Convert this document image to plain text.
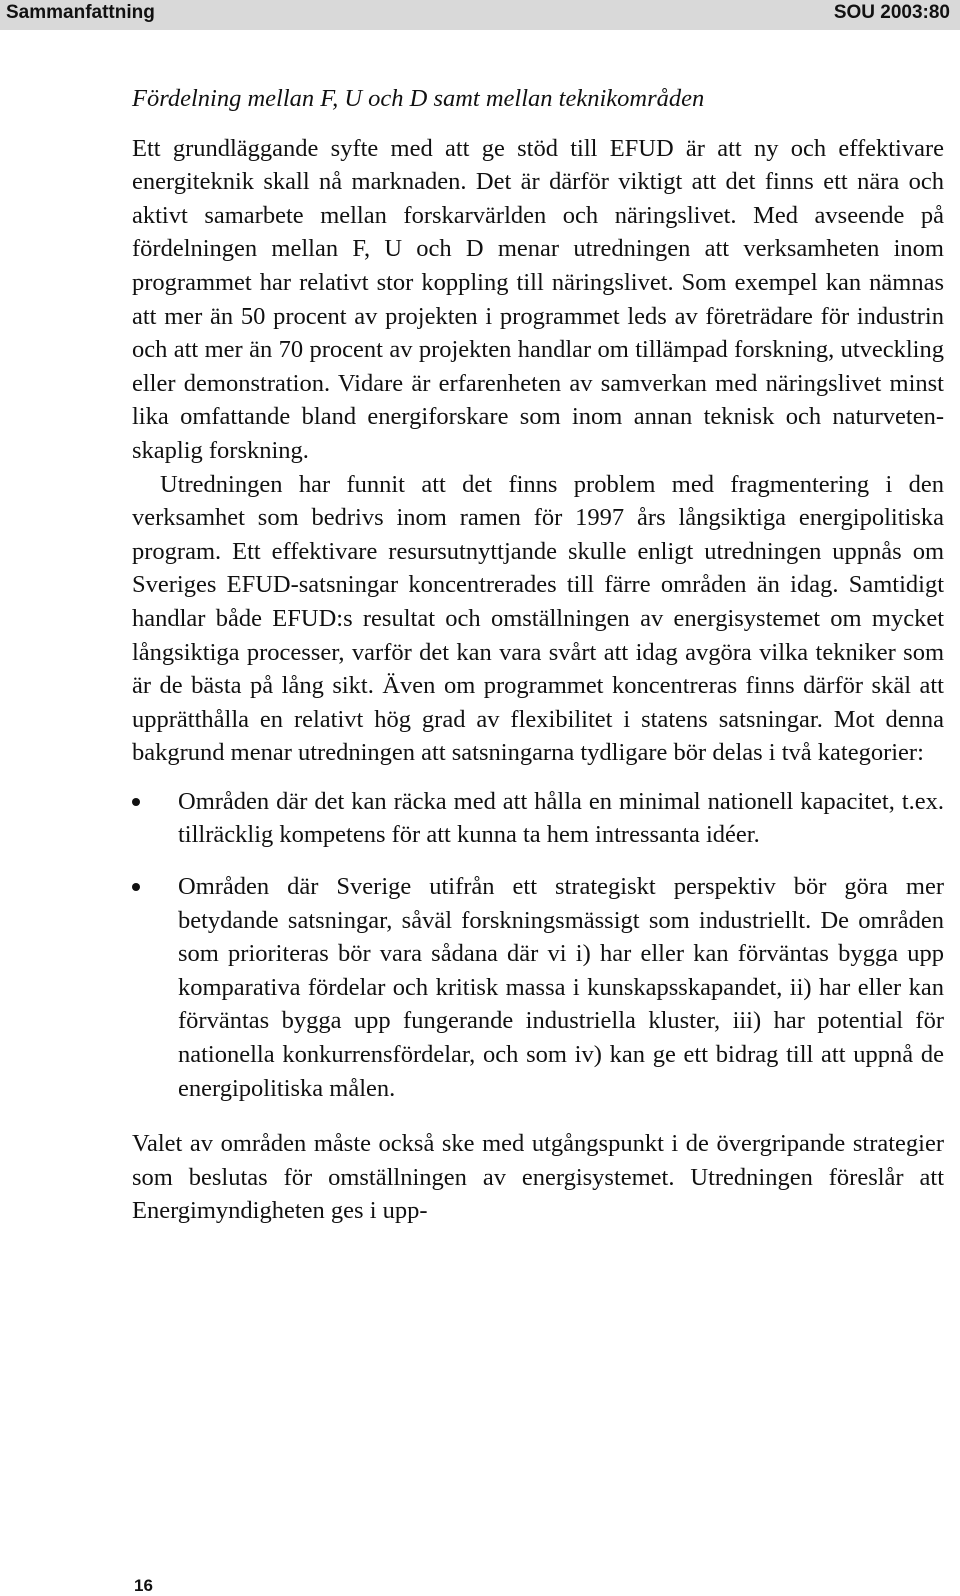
Sammanfattning	SOU 2003:80
Fördelning mellan F, U och D samt mellan teknikområden

Ett grundläggande syfte med att ge stöd till EFUD är att ny och effektivare energiteknik skall nå marknaden. Det är därför viktigt att det finns ett nära och aktivt samarbete mellan forskarvärlden och näringslivet. Med avseende på fördelningen mellan F, U och D menar utredningen att verksamheten inom programmet har relativt stor koppling till näringslivet. Som exempel kan nämnas att mer än 50 procent av projekten i programmet leds av företrädare för industrin och att mer än 70 procent av projekten handlar om tillämpad forskning, utveckling eller demonstration. Vidare är erfarenheten av samverkan med näringslivet minst lika omfattande bland energiforskare som inom annan teknisk och naturvetenskaplig forskning.

Utredningen har funnit att det finns problem med fragmentering i den verksamhet som bedrivs inom ramen för 1997 års långsiktiga energipolitiska program. Ett effektivare resursutnyttjande skulle enligt utredningen uppnås om Sveriges EFUD-satsningar koncentrerades till färre områden än idag. Samtidigt handlar både EFUD:s resultat och omställningen av energisystemet om mycket långsiktiga processer, varför det kan vara svårt att idag avgöra vilka tekniker som är de bästa på lång sikt. Även om programmet koncentreras finns därför skäl att upprätthålla en relativt hög grad av flexibilitet i statens satsningar. Mot denna bakgrund menar utredningen att satsningarna tydligare bör delas i två kategorier:

Områden där det kan räcka med att hålla en minimal nationell kapacitet, t.ex. tillräcklig kompetens för att kunna ta hem intressanta idéer.
Områden där Sverige utifrån ett strategiskt perspektiv bör göra mer betydande satsningar, såväl forskningsmässigt som industriellt. De områden som prioriteras bör vara sådana där vi i) har eller kan förväntas bygga upp komparativa fördelar och kritisk massa i kunskapsskapandet, ii) har eller kan förväntas bygga upp fungerande industriella kluster, iii) har potential för nationella konkurrensfördelar, och som iv) kan ge ett bidrag till att uppnå de energipolitiska målen.

Valet av områden måste också ske med utgångspunkt i de övergripande strategier som beslutas för omställningen av energisystemet. Utredningen föreslår att Energimyndigheten ges i upp-

16
